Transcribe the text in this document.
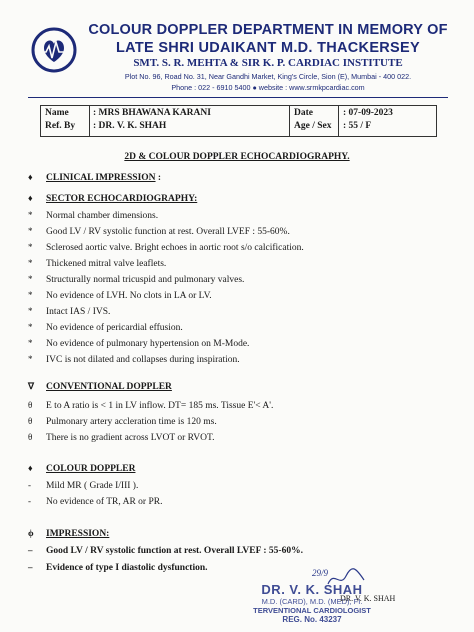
COLOUR DOPPLER DEPARTMENT IN MEMORY OF
LATE SHRI UDAIKANT M.D. THACKERSEY
SMT. S. R. MEHTA & SIR K. P. CARDIAC INSTITUTE
Plot No. 96, Road No. 31, Near Gandhi Market, King's Circle, Sion (E), Mumbai - 400 022.
Phone : 022 - 6910 5400 ● website : www.srmkpcardiac.com
Name
Ref. By
: MRS BHAWANA KARANI
: DR. V. K. SHAH
Date
Age / Sex
: 07-09-2023
: 55 / F
2D & COLOUR DOPPLER ECHOCARDIOGRAPHY.
♦ CLINICAL IMPRESSION :
♦ SECTOR ECHOCARDIOGRAPHY:
* Normal chamber dimensions.
* Good LV / RV systolic function at rest. Overall LVEF : 55-60%.
* Sclerosed aortic valve. Bright echoes in aortic root s/o calcification.
* Thickened mitral valve leaflets.
* Structurally normal tricuspid and pulmonary valves.
* No evidence of LVH. No clots in LA or LV.
* Intact IAS / IVS.
* No evidence of pericardial effusion.
* No evidence of pulmonary hypertension on M-Mode.
* IVC is not dilated and collapses during inspiration.
∇ CONVENTIONAL DOPPLER
θ E to A ratio is < 1 in LV inflow. DT= 185 ms. Tissue E'< A'.
θ Pulmonary artery accleration time is 120 ms.
θ There is no gradient across LVOT or RVOT.
♦ COLOUR DOPPLER
- Mild MR ( Grade I/III ).
- No evidence of TR, AR or PR.
ϕ IMPRESSION:
– Good LV / RV systolic function at rest. Overall LVEF : 55-60%.
– Evidence of type I diastolic dysfunction.	29/9
DR. V. K. SHAH
M.D. (CARD), M.D. (MED), FI.
TERVENTIONAL CARDIOLOGIST
REG. No. 43237
DR. V. K. SHAH
